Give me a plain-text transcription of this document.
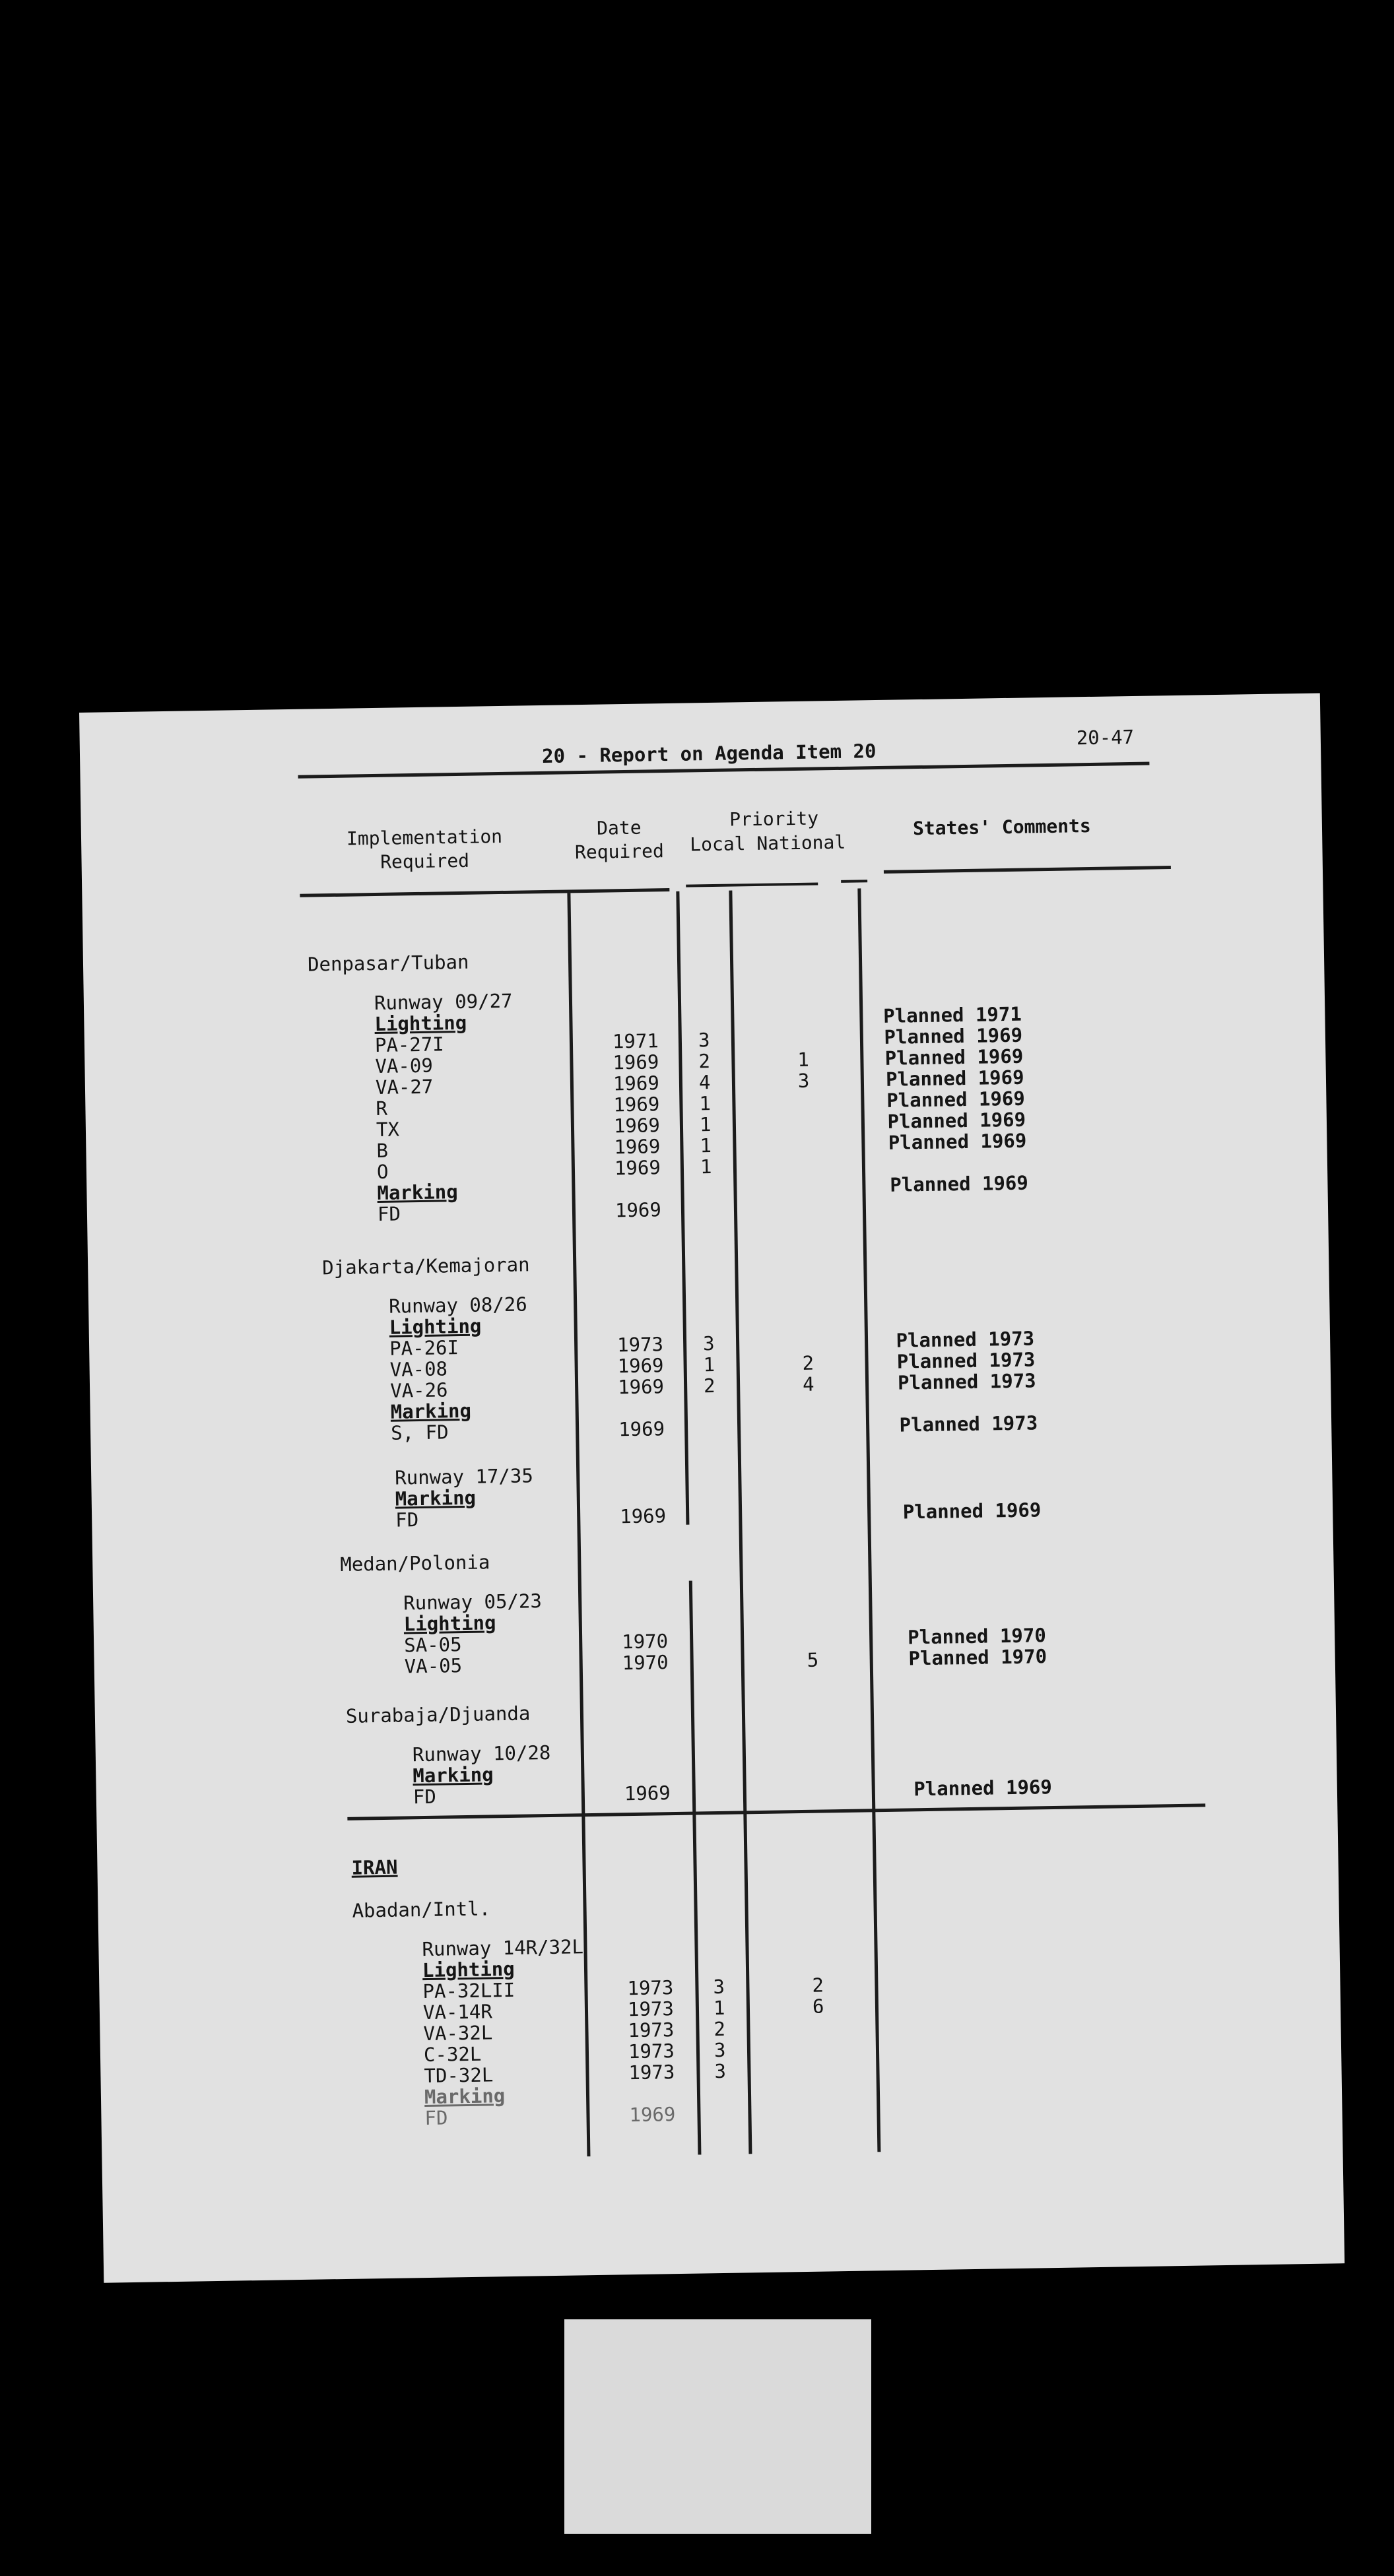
20 - Report on Agenda Item 20
20-47
Implementation
Required
Date
Required
Priority
Local National
States' Comments
Denpasar/Tuban
Runway 09/27
Lighting	Planned 1971
PA-27I	1971 3	Planned 1969
VA-09	1969 2	1	Planned 1969
VA-27	1969 4	3	Planned 1969
R	1969 1	Planned 1969
TX	1969 1	Planned 1969
B	1969 1	Planned 1969
O	1969 1
Marking	Planned 1969
FD	1969
Djakarta/Kemajoran
Runway 08/26
Lighting
PA-26I	1973 3	Planned 1973
VA-08	1969 1	2	Planned 1973
VA-26	1969 2	4	Planned 1973
Marking
S, FD	1969	Planned 1973
Runway 17/35
Marking
FD	1969	Planned 1969
Medan/Polonia
Runway 05/23
Lighting
SA-05	1970	Planned 1970
VA-05	1970	5	Planned 1970
Surabaja/Djuanda
Runway 10/28
Marking
FD	1969	Planned 1969
IRAN
Abadan/Intl.
Runway 14R/32L
Lighting
PA-32LII	1973 3	2
VA-14R	1973 1	6
VA-32L	1973 2
C-32L	1973 3
TD-32L	1973 3
Marking
FD	1969
